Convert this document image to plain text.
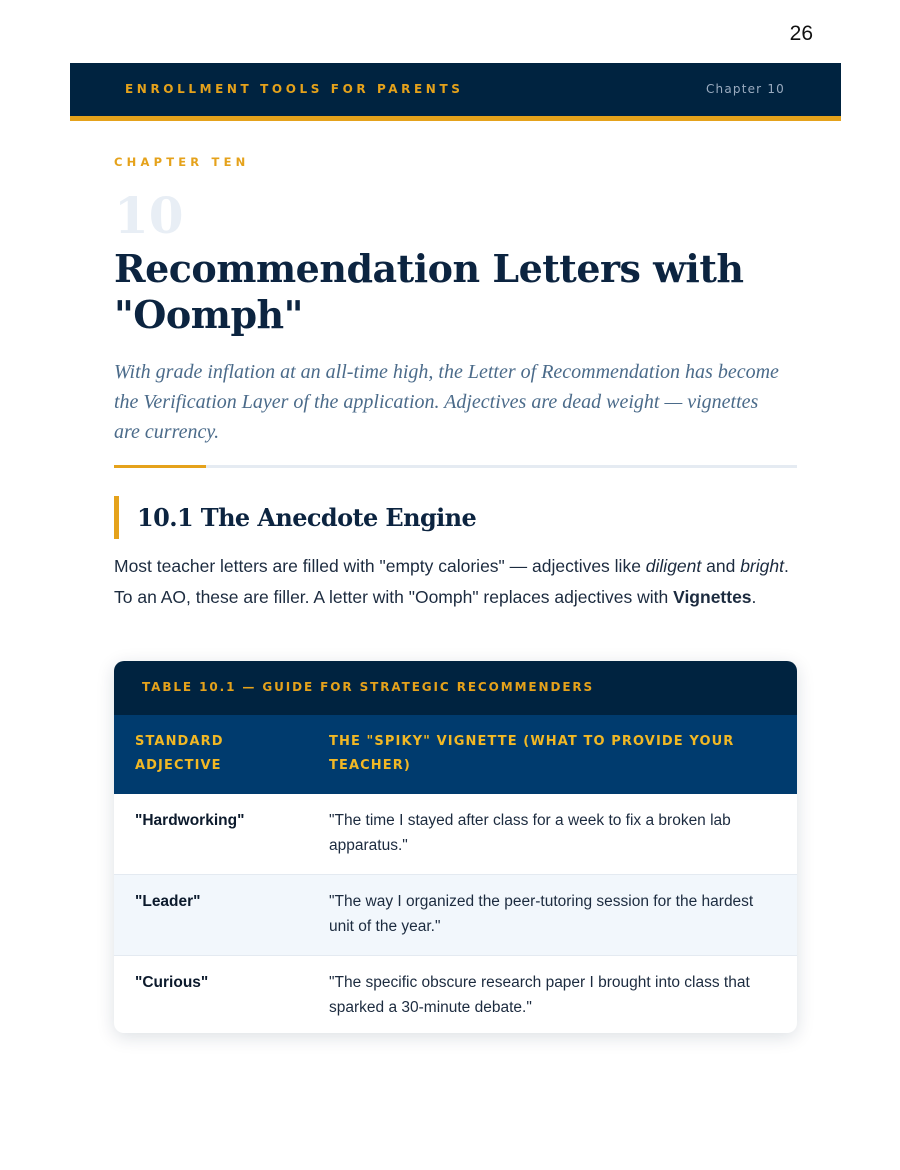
26
ENROLLMENT TOOLS FOR PARENTS	Chapter 10
CHAPTER TEN
10
Recommendation Letters with "Oomph"

With grade inflation at an all-time high, the Letter of Recommendation has become the Verification Layer of the application. Adjectives are dead weight — vignettes are currency.

10.1 The Anecdote Engine

Most teacher letters are filled with "empty calories" — adjectives like diligent and bright. To an AO, these are filler. A letter with "Oomph" replaces adjectives with Vignettes.

TABLE 10.1 — GUIDE FOR STRATEGIC RECOMMENDERS
STANDARD ADJECTIVE	THE "SPIKY" VIGNETTE (WHAT TO PROVIDE YOUR TEACHER)
"Hardworking"	"The time I stayed after class for a week to fix a broken lab apparatus."
"Leader"	"The way I organized the peer-tutoring session for the hardest unit of the year."
"Curious"	"The specific obscure research paper I brought into class that sparked a 30-minute debate."
